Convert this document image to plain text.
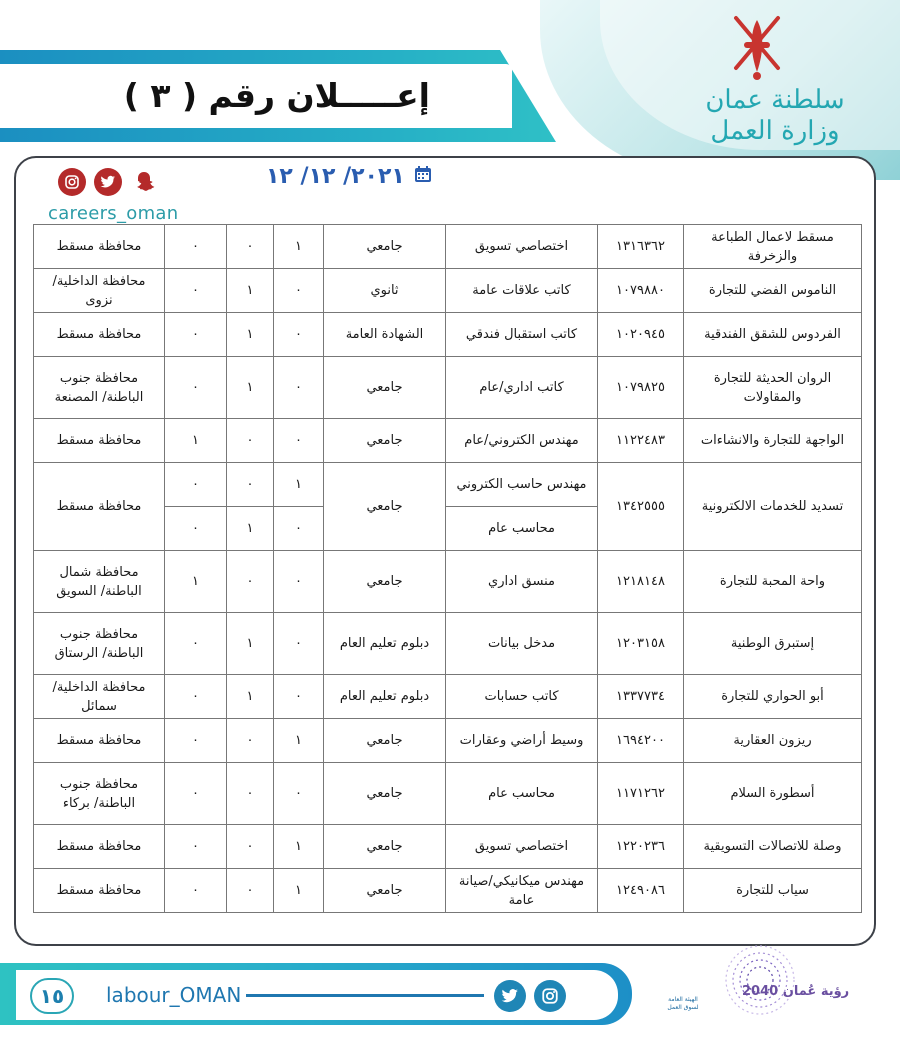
سلطنة عمان
وزارة العمل
إعـــــلان رقم ( ٣ )
careers_oman
٢٠٢١/ ١٢/ ١٢
مسقط لاعمال الطباعة والزخرفة	١٣١٦٣٦٢	اختصاصي تسويق	جامعي	١	٠	٠	محافظة مسقط
الناموس الفضي للتجارة	١٠٧٩٨٨٠	كاتب علاقات عامة	ثانوي	٠	١	٠	محافظة الداخلية/نزوى
الفردوس للشقق الفندقية	١٠٢٠٩٤٥	كاتب استقبال فندقي	الشهادة العامة	٠	١	٠	محافظة مسقط
الروان الحديثة للتجارة والمقاولات	١٠٧٩٨٢٥	كاتب اداري/عام	جامعي	٠	١	٠	محافظة جنوب الباطنة/ المصنعة
الواجهة للتجارة والانشاءات	١١٢٢٤٨٣	مهندس الكتروني/عام	جامعي	٠	٠	١	محافظة مسقط
تسديد للخدمات الالكترونية	١٣٤٢٥٥٥	مهندس حاسب الكتروني	جامعي	١	٠	٠	محافظة مسقط
		محاسب عام		٠	١	٠	
واحة المحبة للتجارة	١٢١٨١٤٨	منسق اداري	جامعي	٠	٠	١	محافظة شمال الباطنة/ السويق
إستبرق الوطنية	١٢٠٣١٥٨	مدخل بيانات	دبلوم تعليم العام	٠	١	٠	محافظة جنوب الباطنة/ الرستاق
أبو الحواري للتجارة	١٣٣٧٧٣٤	كاتب حسابات	دبلوم تعليم العام	٠	١	٠	محافظة الداخلية/سمائل
ريزون العقارية	١٦٩٤٢٠٠	وسيط أراضي وعقارات	جامعي	١	٠	٠	محافظة مسقط
أسطورة السلام	١١٧١٢٦٢	محاسب عام	جامعي	٠	٠	٠	محافظة جنوب الباطنة/ بركاء
وصلة للاتصالات التسويقية	١٢٢٠٢٣٦	اختصاصي تسويق	جامعي	١	٠	٠	محافظة مسقط
سياب للتجارة	١٢٤٩٠٨٦	مهندس ميكانيكي/صيانة عامة	جامعي	١	٠	٠	محافظة مسقط
١٥	labour_OMAN	رؤية عُمان 2040
الهيئة العامة لسوق العمل
